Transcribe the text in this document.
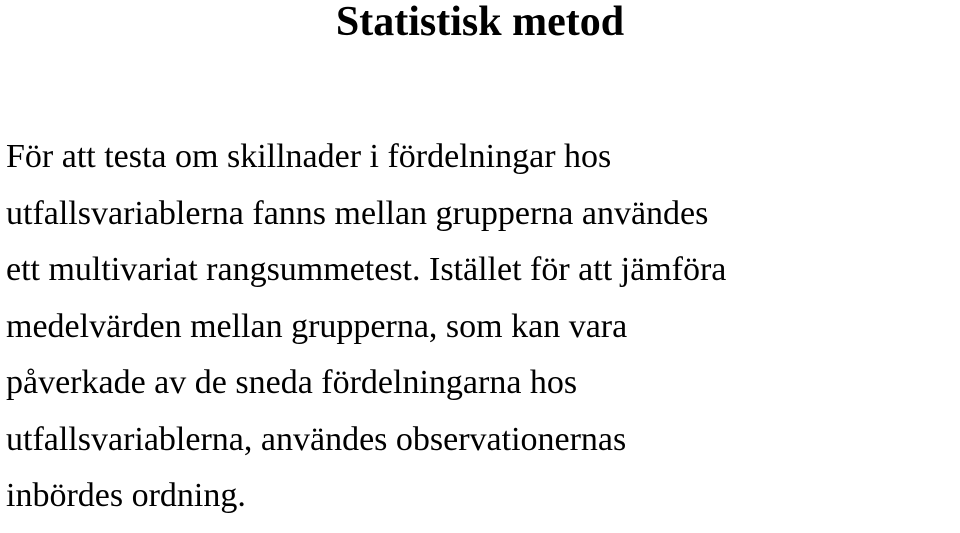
Statistisk metod

För att testa om skillnader i fördelningar hos
utfallsvariablerna fanns mellan grupperna användes
ett multivariat rangsummetest. Istället för att jämföra
medelvärden mellan grupperna, som kan vara
påverkade av de sneda fördelningarna hos
utfallsvariablerna, användes observationernas
inbördes ordning.
